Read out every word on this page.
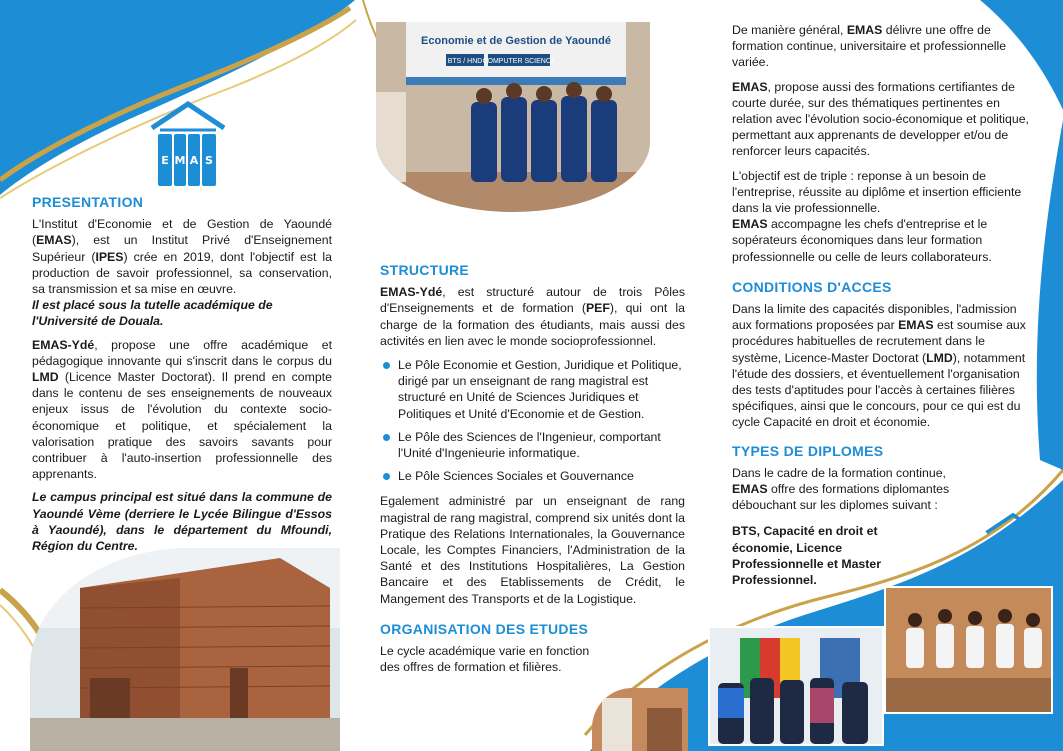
E M A S
PRESENTATION

L'Institut d'Economie et de Gestion de Yaoundé (EMAS), est un Institut Privé d'Enseignement Supérieur (IPES) crée en 2019, dont l'objectif est la production de savoir professionnel, sa conservation, sa transmission et sa mise en œuvre.

Il est placé sous la tutelle académique de l'Université de Douala.

EMAS-Ydé, propose une offre académique et pédagogique innovante qui s'inscrit dans le corpus du LMD (Licence Master Doctorat). Il prend en compte dans le contenu de ses enseignements de nouveaux enjeux issus de l'évolution du contexte socio-économique et politique, et spécialement la valorisation pratique des savoirs savants pour contribuer à l'auto-insertion professionnelle des apprenants.

Le campus principal est situé dans la commune de Yaoundé Vème (derriere le Lycée Bilingue d'Essos à Yaoundé), dans le département du Mfoundi, Région du Centre.

Economie et de Gestion de Yaoundé
BTS / HND COMPUTER SCIENCE
STRUCTURE

EMAS-Ydé, est structuré autour de trois Pôles d'Enseignements et de formation (PEF), qui ont la charge de la formation des étudiants, mais aussi des activités en lien avec le monde socioprofessionnel.

Le Pôle Economie et Gestion, Juridique et Politique, dirigé par un enseignant de rang magistral est structuré en Unité de Sciences Juridiques et Politiques et Unité d'Economie et de Gestion.
Le Pôle des Sciences de l'Ingenieur, comportant l'Unité d'Ingenieurie informatique.
Le Pôle Sciences Sociales et Gouvernance

Egalement administré par un enseignant de rang magistral de rang magistral, comprend six unités dont la Pratique des Relations Internationales, la Gouvernance Locale, les Comptes Financiers, l'Administration de la Santé et des Institutions Hospitalières, La Gestion Bancaire et des Etablissements de Crédit, le Mangement des Transports et de la Logistique.

ORGANISATION DES ETUDES

Le cycle académique varie en fonction des offres de formation et filières.

De manière général, EMAS délivre une offre de formation continue, universitaire et professionnelle variée.

EMAS, propose aussi des formations certifiantes de courte durée, sur des thématiques pertinentes en relation avec l'évolution socio-économique et politique, permettant aux apprenants de developper et/ou de renforcer leurs capacités.

L'objectif est de triple : reponse à un besoin de l'entreprise, réussite au diplôme et insertion efficiente dans la vie professionnelle.

EMAS accompagne les chefs d'entreprise et le sopérateurs économiques dans leur formation professionnelle ou celle de leurs collaborateurs.

CONDITIONS D'ACCES

Dans la limite des capacités disponibles, l'admission aux formations proposées par EMAS est soumise aux procédures habituelles de recrutement dans le système, Licence-Master Doctorat (LMD), notamment l'étude des dossiers, et éventuellement l'organisation des tests d'aptitudes pour l'accès à certaines filières spécifiques, ainsi que le concours, pour ce qui est du cycle Capacité en droit et économie.

TYPES DE DIPLOMES

Dans le cadre de la formation continue, EMAS offre des formations diplomantes débouchant sur les diplomes suivant :

BTS, Capacité en droit et économie, Licence Professionnelle et Master Professionnel.
